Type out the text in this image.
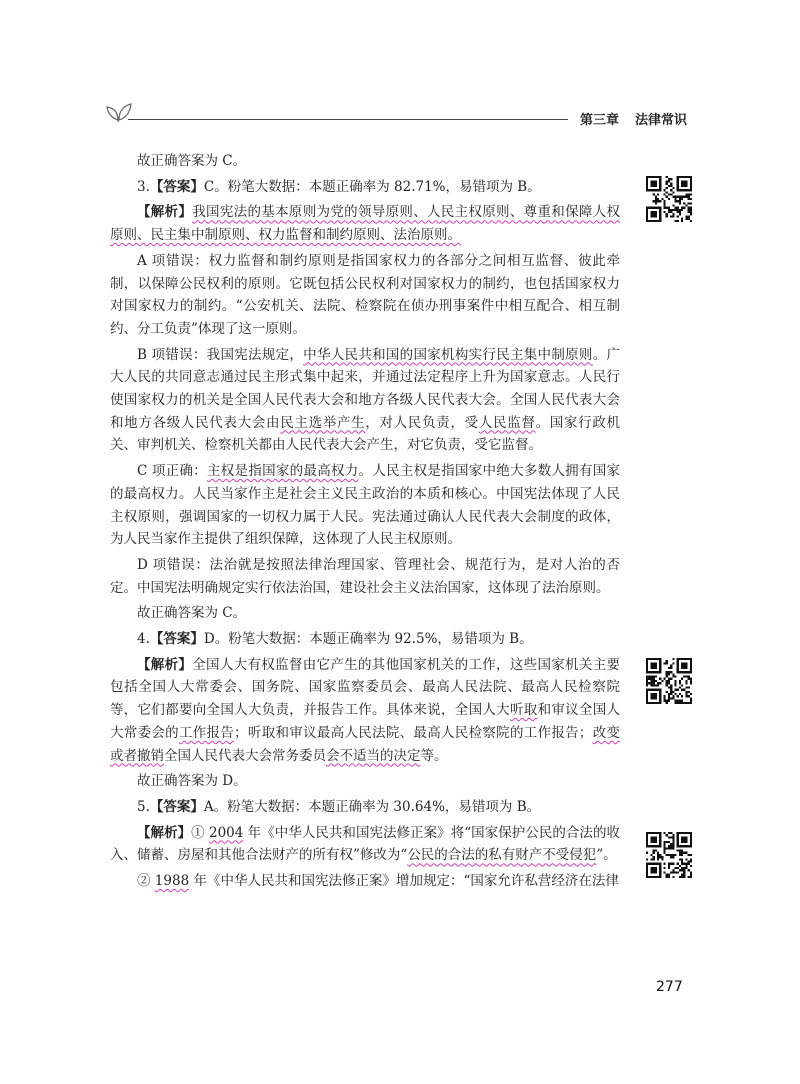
第三章 法律常识

故正确答案为 C。

3.【答案】C。粉笔大数据：本题正确率为 82.71%，易错项为 B。

【解析】我国宪法的基本原则为党的领导原则、人民主权原则、尊重和保障人权原则、民主集中制原则、权力监督和制约原则、法治原则。

A 项错误：权力监督和制约原则是指国家权力的各部分之间相互监督、彼此牵制，以保障公民权利的原则。它既包括公民权利对国家权力的制约，也包括国家权力对国家权力的制约。“公安机关、法院、检察院在侦办刑事案件中相互配合、相互制约、分工负责”体现了这一原则。

B 项错误：我国宪法规定，中华人民共和国的国家机构实行民主集中制原则。广大人民的共同意志通过民主形式集中起来，并通过法定程序上升为国家意志。人民行使国家权力的机关是全国人民代表大会和地方各级人民代表大会。全国人民代表大会和地方各级人民代表大会由民主选举产生，对人民负责，受人民监督。国家行政机关、审判机关、检察机关都由人民代表大会产生，对它负责，受它监督。

C 项正确：主权是指国家的最高权力。人民主权是指国家中绝大多数人拥有国家的最高权力。人民当家作主是社会主义民主政治的本质和核心。中国宪法体现了人民主权原则，强调国家的一切权力属于人民。宪法通过确认人民代表大会制度的政体，为人民当家作主提供了组织保障，这体现了人民主权原则。

D 项错误：法治就是按照法律治理国家、管理社会、规范行为，是对人治的否定。中国宪法明确规定实行依法治国，建设社会主义法治国家，这体现了法治原则。

故正确答案为 C。

4.【答案】D。粉笔大数据：本题正确率为 92.5%，易错项为 B。

【解析】全国人大有权监督由它产生的其他国家机关的工作，这些国家机关主要包括全国人大常委会、国务院、国家监察委员会、最高人民法院、最高人民检察院等，它们都要向全国人大负责，并报告工作。具体来说，全国人大听取和审议全国人大常委会的工作报告；听取和审议最高人民法院、最高人民检察院的工作报告；改变或者撤销全国人民代表大会常务委员会不适当的决定等。

故正确答案为 D。

5.【答案】A。粉笔大数据：本题正确率为 30.64%，易错项为 B。

【解析】① 2004 年《中华人民共和国宪法修正案》将“国家保护公民的合法的收入、储蓄、房屋和其他合法财产的所有权”修改为“公民的合法的私有财产不受侵犯”。

② 1988 年《中华人民共和国宪法修正案》增加规定：“国家允许私营经济在法律

277
